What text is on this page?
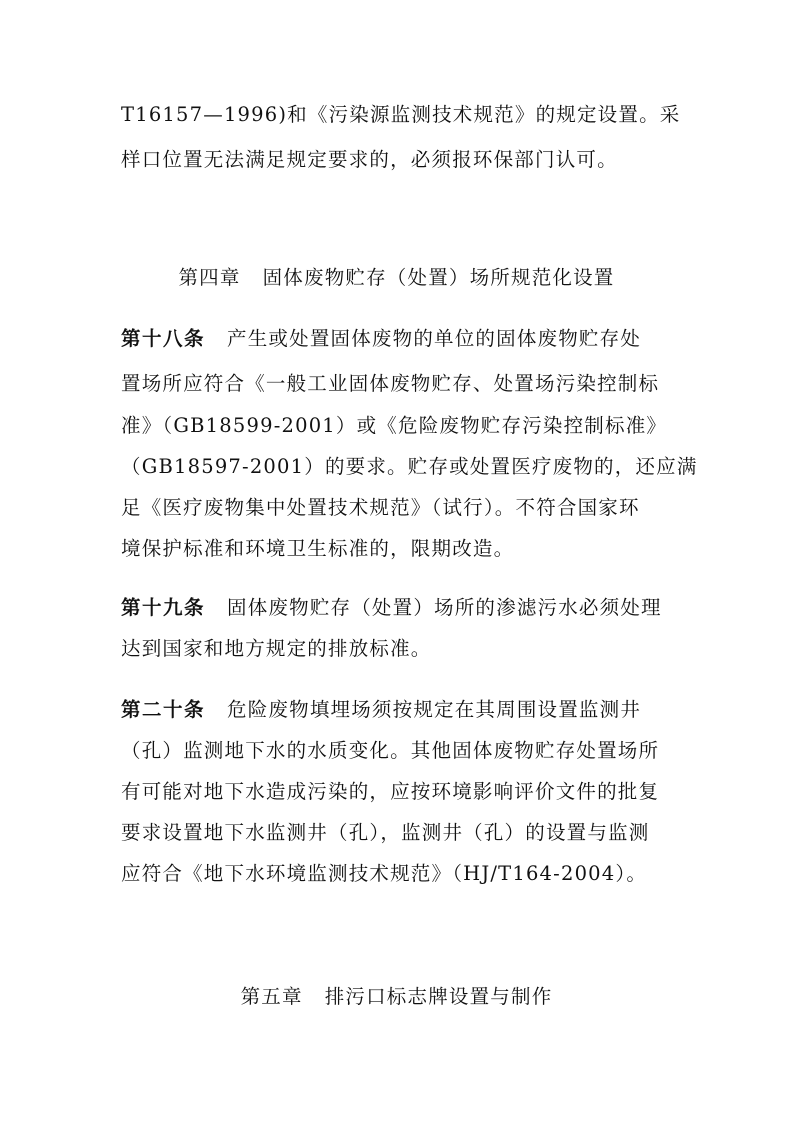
T16157—1996)和《污染源监测技术规范》的规定设置。采
样口位置无法满足规定要求的，必须报环保部门认可。
第四章 固体废物贮存（处置）场所规范化设置
第十八条 产生或处置固体废物的单位的固体废物贮存处
置场所应符合《一般工业固体废物贮存、处置场污染控制标
准》（GB18599-2001）或《危险废物贮存污染控制标准》
（GB18597-2001）的要求。贮存或处置医疗废物的，还应满
足《医疗废物集中处置技术规范》（试行）。不符合国家环
境保护标准和环境卫生标准的，限期改造。
第十九条 固体废物贮存（处置）场所的渗滤污水必须处理
达到国家和地方规定的排放标准。
第二十条 危险废物填埋场须按规定在其周围设置监测井
（孔）监测地下水的水质变化。其他固体废物贮存处置场所
有可能对地下水造成污染的，应按环境影响评价文件的批复
要求设置地下水监测井（孔），监测井（孔）的设置与监测
应符合《地下水环境监测技术规范》（HJ/T164-2004）。
第五章 排污口标志牌设置与制作
